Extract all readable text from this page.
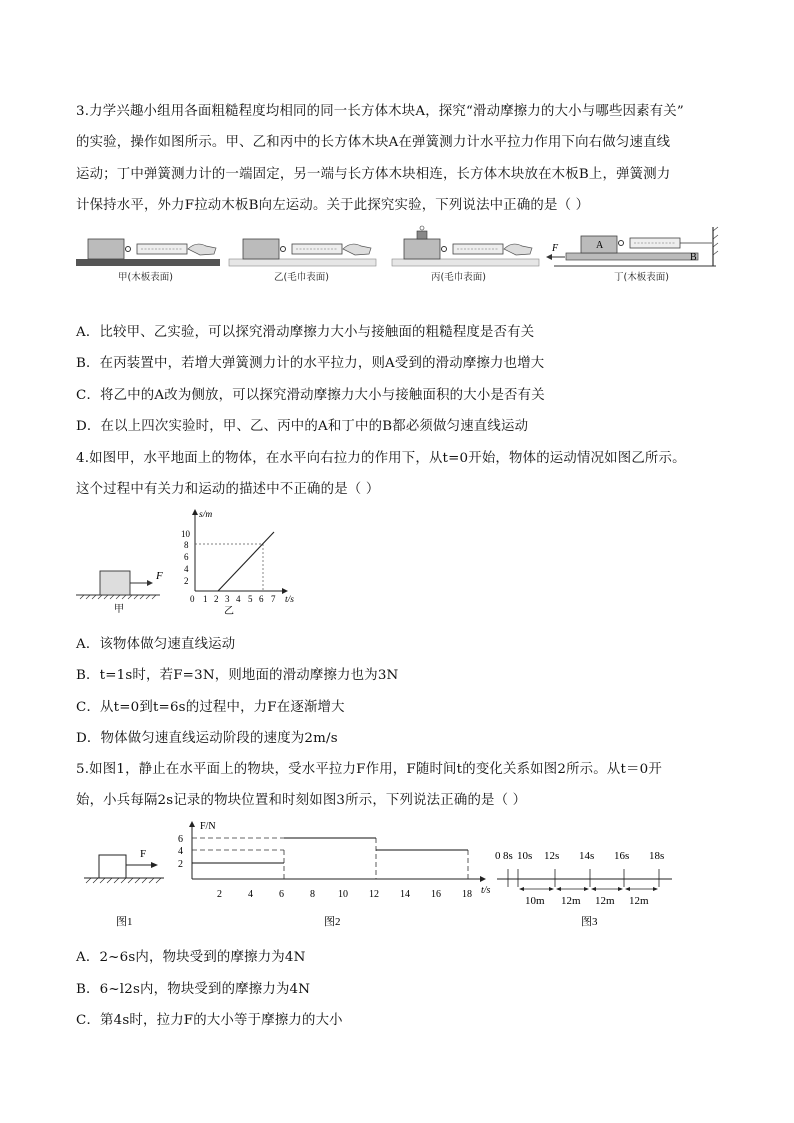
3.力学兴趣小组用各面粗糙程度均相同的同一长方体木块A，探究“滑动摩擦力的大小与哪些因素有关”
的实验，操作如图所示。甲、乙和丙中的长方体木块A在弹簧测力计水平拉力作用下向右做匀速直线
运动；丁中弹簧测力计的一端固定，另一端与长方体木块相连，长方体木块放在木板B上，弹簧测力
计保持水平，外力F拉动木板B向左运动。关于此探究实验，下列说法中正确的是（ ）
A
B
F
甲(木板表面)	乙(毛巾表面)	丙(毛巾表面)	丁(木板表面)
A．比较甲、乙实验，可以探究滑动摩擦力大小与接触面的粗糙程度是否有关
B．在丙装置中，若增大弹簧测力计的水平拉力，则A受到的滑动摩擦力也增大
C．将乙中的A改为侧放，可以探究滑动摩擦力大小与接触面积的大小是否有关
D．在以上四次实验时，甲、乙、丙中的A和丁中的B都必须做匀速直线运动
4.如图甲，水平地面上的物体，在水平向右拉力的作用下，从t=0开始，物体的运动情况如图乙所示。
这个过程中有关力和运动的描述中不正确的是（ ）
F
甲
s/m
t/s
10
8
6
4
2
0 1 2 3 4 5 6 7
乙
A．该物体做匀速直线运动
B．t=1s时，若F=3N，则地面的滑动摩擦力也为3N
C．从t=0到t=6s的过程中，力F在逐渐增大
D．物体做匀速直线运动阶段的速度为2m/s
5.如图1，静止在水平面上的物块，受水平拉力F作用，F随时间t的变化关系如图2所示。从t＝0开
始，小兵每隔2s记录的物块位置和时刻如图3所示，下列说法正确的是（ ）
F
图1
F/N
t/s
6
4
2
2	4	6	8 10 12 14 16 18
图2
0 8s 10s 12s 14s 16s 18s
10m 12m 12m 12m
图3
A．2~6s内，物块受到的摩擦力为4N
B．6~l2s内，物块受到的摩擦力为4N
C．第4s时，拉力F的大小等于摩擦力的大小
